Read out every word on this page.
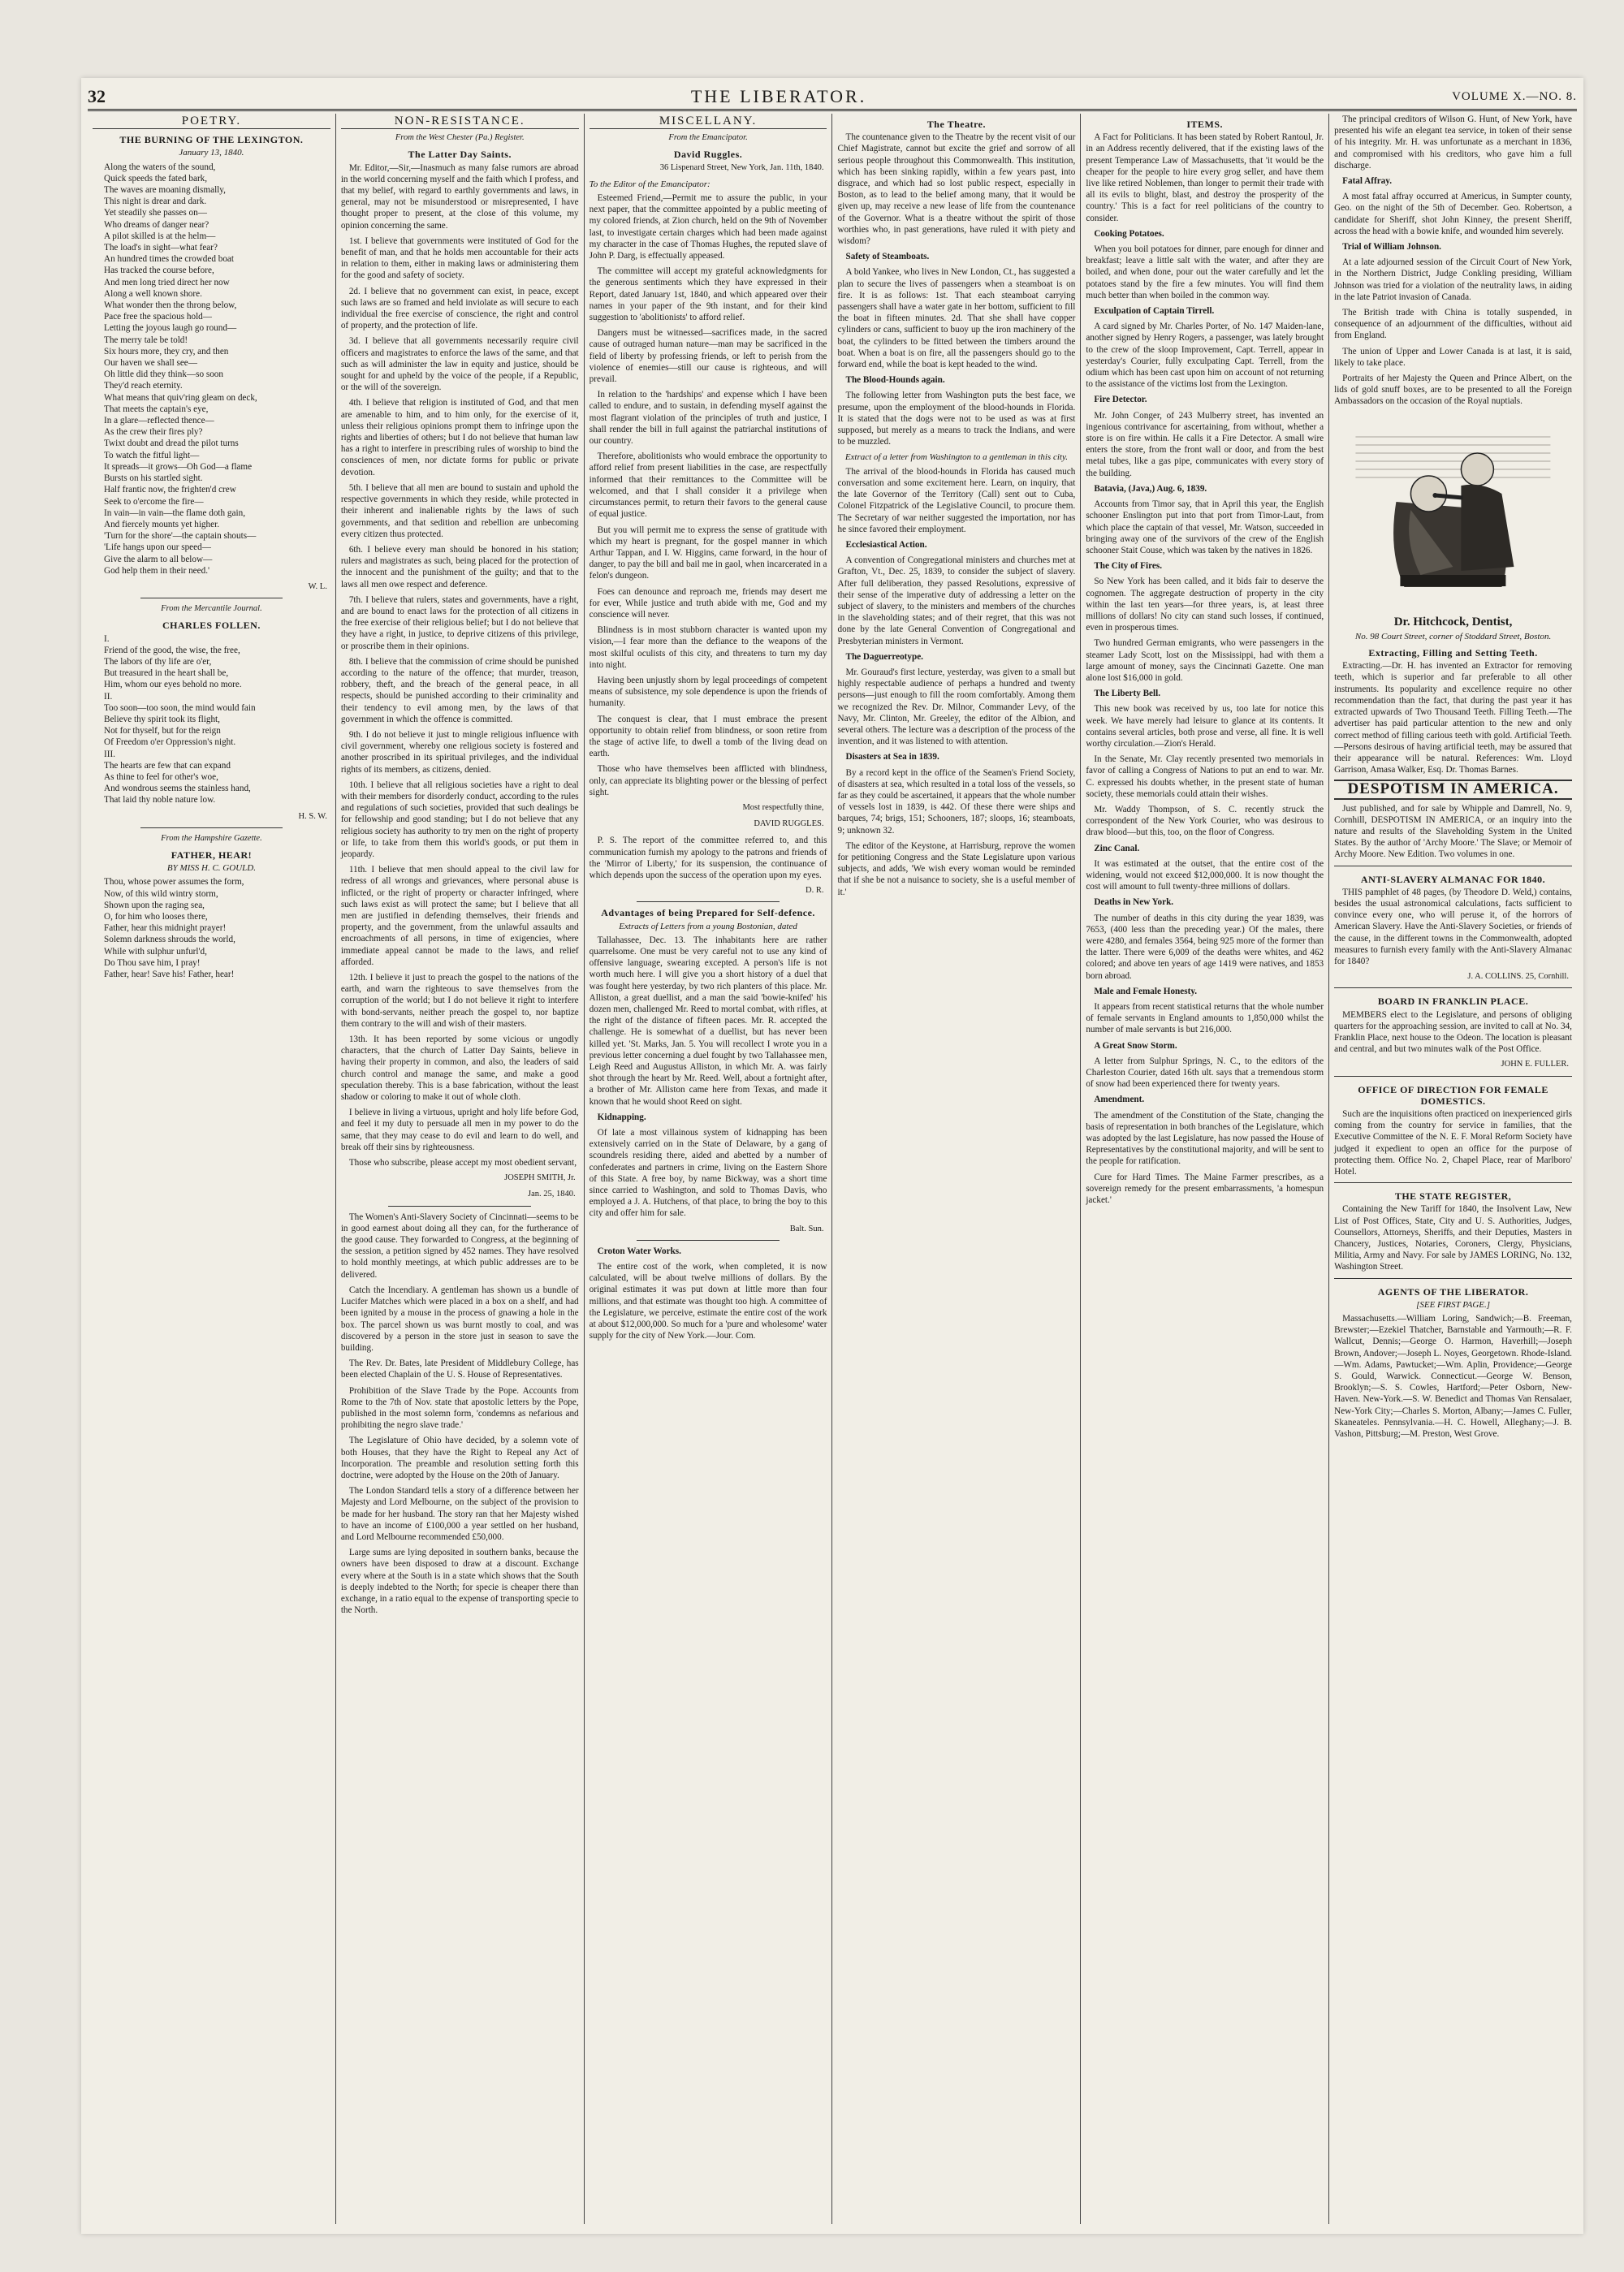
32	THE LIBERATOR.	VOLUME X.—NO. 8.
POETRY.
THE BURNING OF THE LEXINGTON.
January 13, 1840.
Along the waters of the sound,
Quick speeds the fated bark,
The waves are moaning dismally,
This night is drear and dark.
Yet steadily she passes on—
Who dreams of danger near?
A pilot skilled is at the helm—
The load's in sight—what fear?
An hundred times the crowded boat
Has tracked the course before,
And men long tried direct her now
Along a well known shore.
What wonder then the throng below,
Pace free the spacious hold—
Letting the joyous laugh go round—
The merry tale be told!
Six hours more, they cry, and then
Our haven we shall see—
Oh little did they think—so soon
They'd reach eternity.
What means that quiv'ring gleam on deck,
That meets the captain's eye,
In a glare—reflected thence—
As the crew their fires ply?
Twixt doubt and dread the pilot turns
To watch the fitful light—
It spreads—it grows—Oh God—a flame
Bursts on his startled sight.
Half frantic now, the frighten'd crew
Seek to o'ercome the fire—
In vain—in vain—the flame doth gain,
And fiercely mounts yet higher.
'Turn for the shore'—the captain shouts—
'Life hangs upon our speed—
Give the alarm to all below—
God help them in their need.'
W. L.
From the Mercantile Journal.
CHARLES FOLLEN.
I.
Friend of the good, the wise, the free,
The labors of thy life are o'er,
But treasured in the heart shall be,
Him, whom our eyes behold no more.
II.
Too soon—too soon, the mind would fain
Believe thy spirit took its flight,
Not for thyself, but for the reign
Of Freedom o'er Oppression's night.
III.
The hearts are few that can expand
As thine to feel for other's woe,
And wondrous seems the stainless hand,
That laid thy noble nature low.
H. S. W.
From the Hampshire Gazette.
FATHER, HEAR!
BY MISS H. C. GOULD.
Thou, whose power assumes the form,
Now, of this wild wintry storm,
Shown upon the raging sea,
O, for him who looses there,
Father, hear this midnight prayer!
Solemn darkness shrouds the world,
While with sulphur unfurl'd,
Do Thou save him, I pray!
Father, hear! Save his! Father, hear!
NON-RESISTANCE.
From the West Chester (Pa.) Register.
The Latter Day Saints.

Mr. Editor,—Sir,—Inasmuch as many false rumors are abroad in the world concerning myself and the faith which I profess, and that my belief, with regard to earthly governments and laws, in general, may not be misunderstood or misrepresented, I have thought proper to present, at the close of this volume, my opinion concerning the same.

1st. I believe that governments were instituted of God for the benefit of man, and that he holds men accountable for their acts in relation to them, either in making laws or administering them for the good and safety of society.

2d. I believe that no government can exist, in peace, except such laws are so framed and held inviolate as will secure to each individual the free exercise of conscience, the right and control of property, and the protection of life.

3d. I believe that all governments necessarily require civil officers and magistrates to enforce the laws of the same, and that such as will administer the law in equity and justice, should be sought for and upheld by the voice of the people, if a Republic, or the will of the sovereign.

4th. I believe that religion is instituted of God, and that men are amenable to him, and to him only, for the exercise of it, unless their religious opinions prompt them to infringe upon the rights and liberties of others; but I do not believe that human law has a right to interfere in prescribing rules of worship to bind the consciences of men, nor dictate forms for public or private devotion.

5th. I believe that all men are bound to sustain and uphold the respective governments in which they reside, while protected in their inherent and inalienable rights by the laws of such governments, and that sedition and rebellion are unbecoming every citizen thus protected.

6th. I believe every man should be honored in his station; rulers and magistrates as such, being placed for the protection of the innocent and the punishment of the guilty; and that to the laws all men owe respect and deference.

7th. I believe that rulers, states and governments, have a right, and are bound to enact laws for the protection of all citizens in the free exercise of their religious belief; but I do not believe that they have a right, in justice, to deprive citizens of this privilege, or proscribe them in their opinions.

8th. I believe that the commission of crime should be punished according to the nature of the offence; that murder, treason, robbery, theft, and the breach of the general peace, in all respects, should be punished according to their criminality and their tendency to evil among men, by the laws of that government in which the offence is committed.

9th. I do not believe it just to mingle religious influence with civil government, whereby one religious society is fostered and another proscribed in its spiritual privileges, and the individual rights of its members, as citizens, denied.

10th. I believe that all religious societies have a right to deal with their members for disorderly conduct, according to the rules and regulations of such societies, provided that such dealings be for fellowship and good standing; but I do not believe that any religious society has authority to try men on the right of property or life, to take from them this world's goods, or put them in jeopardy.

11th. I believe that men should appeal to the civil law for redress of all wrongs and grievances, where personal abuse is inflicted, or the right of property or character infringed, where such laws exist as will protect the same; but I believe that all men are justified in defending themselves, their friends and property, and the government, from the unlawful assaults and encroachments of all persons, in time of exigencies, where immediate appeal cannot be made to the laws, and relief afforded.

12th. I believe it just to preach the gospel to the nations of the earth, and warn the righteous to save themselves from the corruption of the world; but I do not believe it right to interfere with bond-servants, neither preach the gospel to, nor baptize them contrary to the will and wish of their masters.

13th. It has been reported by some vicious or ungodly characters, that the church of Latter Day Saints, believe in having their property in common, and also, the leaders of said church control and manage the same, and make a good speculation thereby. This is a base fabrication, without the least shadow or coloring to make it out of whole cloth.

I believe in living a virtuous, upright and holy life before God, and feel it my duty to persuade all men in my power to do the same, that they may cease to do evil and learn to do well, and break off their sins by righteousness.

Those who subscribe, please accept my most obedient servant,

JOSEPH SMITH, Jr.
Jan. 25, 1840.

The Women's Anti-Slavery Society of Cincinnati—seems to be in good earnest about doing all they can, for the furtherance of the good cause. They forwarded to Congress, at the beginning of the session, a petition signed by 452 names. They have resolved to hold monthly meetings, at which public addresses are to be delivered.

Catch the Incendiary. A gentleman has shown us a bundle of Lucifer Matches which were placed in a box on a shelf, and had been ignited by a mouse in the process of gnawing a hole in the box. The parcel shown us was burnt mostly to coal, and was discovered by a person in the store just in season to save the building.

The Rev. Dr. Bates, late President of Middlebury College, has been elected Chaplain of the U. S. House of Representatives.

Prohibition of the Slave Trade by the Pope. Accounts from Rome to the 7th of Nov. state that apostolic letters by the Pope, published in the most solemn form, 'condemns as nefarious and prohibiting the negro slave trade.'

The Legislature of Ohio have decided, by a solemn vote of both Houses, that they have the Right to Repeal any Act of Incorporation. The preamble and resolution setting forth this doctrine, were adopted by the House on the 20th of January.

The London Standard tells a story of a difference between her Majesty and Lord Melbourne, on the subject of the provision to be made for her husband. The story ran that her Majesty wished to have an income of £100,000 a year settled on her husband, and Lord Melbourne recommended £50,000.

Large sums are lying deposited in southern banks, because the owners have been disposed to draw at a discount. Exchange every where at the South is in a state which shows that the South is deeply indebted to the North; for specie is cheaper there than exchange, in a ratio equal to the expense of transporting specie to the North.

MISCELLANY.
From the Emancipator.
David Ruggles.
36 Lispenard Street, New York, Jan. 11th, 1840.
To the Editor of the Emancipator:

Esteemed Friend,—Permit me to assure the public, in your next paper, that the committee appointed by a public meeting of my colored friends, at Zion church, held on the 9th of November last, to investigate certain charges which had been made against my character in the case of Thomas Hughes, the reputed slave of John P. Darg, is effectually appeased.

The committee will accept my grateful acknowledgments for the generous sentiments which they have expressed in their Report, dated January 1st, 1840, and which appeared over their names in your paper of the 9th instant, and for their kind suggestion to 'abolitionists' to afford relief.

Dangers must be witnessed—sacrifices made, in the sacred cause of outraged human nature—man may be sacrificed in the field of liberty by professing friends, or left to perish from the violence of enemies—still our cause is righteous, and will prevail.

In relation to the 'hardships' and expense which I have been called to endure, and to sustain, in defending myself against the most flagrant violation of the principles of truth and justice, I shall render the bill in full against the patriarchal institutions of our country.

Therefore, abolitionists who would embrace the opportunity to afford relief from present liabilities in the case, are respectfully informed that their remittances to the Committee will be welcomed, and that I shall consider it a privilege when circumstances permit, to return their favors to the general cause of equal justice.

But you will permit me to express the sense of gratitude with which my heart is pregnant, for the gospel manner in which Arthur Tappan, and I. W. Higgins, came forward, in the hour of danger, to pay the bill and bail me in gaol, when incarcerated in a felon's dungeon.

Foes can denounce and reproach me, friends may desert me for ever, While justice and truth abide with me, God and my conscience will never.

Blindness is in most stubborn character is wanted upon my vision,—I fear more than the defiance to the weapons of the most skilful oculists of this city, and threatens to turn my day into night.

Having been unjustly shorn by legal proceedings of competent means of subsistence, my sole dependence is upon the friends of humanity.

The conquest is clear, that I must embrace the present opportunity to obtain relief from blindness, or soon retire from the stage of active life, to dwell a tomb of the living dead on earth.

Those who have themselves been afflicted with blindness, only, can appreciate its blighting power or the blessing of perfect sight.

Most respectfully thine,
DAVID RUGGLES.

P. S. The report of the committee referred to, and this communication furnish my apology to the patrons and friends of the 'Mirror of Liberty,' for its suspension, the continuance of which depends upon the success of the operation upon my eyes.

D. R.
Advantages of being Prepared for Self-defence.
Extracts of Letters from a young Bostonian, dated

Tallahassee, Dec. 13. The inhabitants here are rather quarrelsome. One must be very careful not to use any kind of offensive language, swearing excepted. A person's life is not worth much here. I will give you a short history of a duel that was fought here yesterday, by two rich planters of this place. Mr. Alliston, a great duellist, and a man the said 'bowie-knifed' his dozen men, challenged Mr. Reed to mortal combat, with rifles, at the right of the distance of fifteen paces. Mr. R. accepted the challenge. He is somewhat of a duellist, but has never been killed yet. 'St. Marks, Jan. 5. You will recollect I wrote you in a previous letter concerning a duel fought by two Tallahassee men, Leigh Reed and Augustus Alliston, in which Mr. A. was fairly shot through the heart by Mr. Reed. Well, about a fortnight after, a brother of Mr. Alliston came here from Texas, and made it known that he would shoot Reed on sight.

Kidnapping.

Of late a most villainous system of kidnapping has been extensively carried on in the State of Delaware, by a gang of scoundrels residing there, aided and abetted by a number of confederates and partners in crime, living on the Eastern Shore of this State. A free boy, by name Bickway, was a short time since carried to Washington, and sold to Thomas Davis, who employed a J. A. Hutchens, of that place, to bring the boy to this city and offer him for sale.

Balt. Sun.

Croton Water Works.

The entire cost of the work, when completed, it is now calculated, will be about twelve millions of dollars. By the original estimates it was put down at little more than four millions, and that estimate was thought too high. A committee of the Legislature, we perceive, estimate the entire cost of the work at about $12,000,000. So much for a 'pure and wholesome' water supply for the city of New York.—Jour. Com.

The Theatre.

The countenance given to the Theatre by the recent visit of our Chief Magistrate, cannot but excite the grief and sorrow of all serious people throughout this Commonwealth. This institution, which has been sinking rapidly, within a few years past, into disgrace, and which had so lost public respect, especially in Boston, as to lead to the belief among many, that it would be given up, may receive a new lease of life from the countenance of the Governor. What is a theatre without the spirit of those worthies who, in past generations, have ruled it with piety and wisdom?

Safety of Steamboats.

A bold Yankee, who lives in New London, Ct., has suggested a plan to secure the lives of passengers when a steamboat is on fire. It is as follows: 1st. That each steamboat carrying passengers shall have a water gate in her bottom, sufficient to fill the boat in fifteen minutes. 2d. That she shall have copper cylinders or cans, sufficient to buoy up the iron machinery of the boat, the cylinders to be fitted between the timbers around the boat. When a boat is on fire, all the passengers should go to the forward end, while the boat is kept headed to the wind.

The Blood-Hounds again.

The following letter from Washington puts the best face, we presume, upon the employment of the blood-hounds in Florida. It is stated that the dogs were not to be used as was at first supposed, but merely as a means to track the Indians, and were to be muzzled.

Extract of a letter from Washington to a gentleman in this city.

The arrival of the blood-hounds in Florida has caused much conversation and some excitement here. Learn, on inquiry, that the late Governor of the Territory (Call) sent out to Cuba, Colonel Fitzpatrick of the Legislative Council, to procure them. The Secretary of war neither suggested the importation, nor has he since favored their employment.

Ecclesiastical Action.

A convention of Congregational ministers and churches met at Grafton, Vt., Dec. 25, 1839, to consider the subject of slavery. After full deliberation, they passed Resolutions, expressive of their sense of the imperative duty of addressing a letter on the subject of slavery, to the ministers and members of the churches in the slaveholding states; and of their regret, that this was not done by the late General Convention of Congregational and Presbyterian ministers in Vermont.

The Daguerreotype.

Mr. Gouraud's first lecture, yesterday, was given to a small but highly respectable audience of perhaps a hundred and twenty persons—just enough to fill the room comfortably. Among them we recognized the Rev. Dr. Milnor, Commander Levy, of the Navy, Mr. Clinton, Mr. Greeley, the editor of the Albion, and several others. The lecture was a description of the process of the invention, and it was listened to with attention.

Disasters at Sea in 1839.

By a record kept in the office of the Seamen's Friend Society, of disasters at sea, which resulted in a total loss of the vessels, so far as they could be ascertained, it appears that the whole number of vessels lost in 1839, is 442. Of these there were ships and barques, 74; brigs, 151; Schooners, 187; sloops, 16; steamboats, 9; unknown 32.

The editor of the Keystone, at Harrisburg, reprove the women for petitioning Congress and the State Legislature upon various subjects, and adds, 'We wish every woman would be reminded that if she be not a nuisance to society, she is a useful member of it.'

ITEMS.

A Fact for Politicians. It has been stated by Robert Rantoul, Jr. in an Address recently delivered, that if the existing laws of the present Temperance Law of Massachusetts, that 'it would be the cheaper for the people to hire every grog seller, and have them live like retired Noblemen, than longer to permit their trade with all its evils to blight, blast, and destroy the prosperity of the country.' This is a fact for reel politicians of the country to consider.

Cooking Potatoes.

When you boil potatoes for dinner, pare enough for dinner and breakfast; leave a little salt with the water, and after they are boiled, and when done, pour out the water carefully and let the potatoes stand by the fire a few minutes. You will find them much better than when boiled in the common way.

Exculpation of Captain Tirrell.

A card signed by Mr. Charles Porter, of No. 147 Maiden-lane, another signed by Henry Rogers, a passenger, was lately brought to the crew of the sloop Improvement, Capt. Terrell, appear in yesterday's Courier, fully exculpating Capt. Terrell, from the odium which has been cast upon him on account of not returning to the assistance of the victims lost from the Lexington.

Fire Detector.

Mr. John Conger, of 243 Mulberry street, has invented an ingenious contrivance for ascertaining, from without, whether a store is on fire within. He calls it a Fire Detector. A small wire enters the store, from the front wall or door, and from the best metal tubes, like a gas pipe, communicates with every story of the building.

Batavia, (Java,) Aug. 6, 1839.

Accounts from Timor say, that in April this year, the English schooner Enslington put into that port from Timor-Laut, from which place the captain of that vessel, Mr. Watson, succeeded in bringing away one of the survivors of the crew of the English schooner Stait Couse, which was taken by the natives in 1826.

The City of Fires.

So New York has been called, and it bids fair to deserve the cognomen. The aggregate destruction of property in the city within the last ten years—for three years, is, at least three millions of dollars! No city can stand such losses, if continued, even in prosperous times.

Two hundred German emigrants, who were passengers in the steamer Lady Scott, lost on the Mississippi, had with them a large amount of money, says the Cincinnati Gazette. One man alone lost $16,000 in gold.

The Liberty Bell.

This new book was received by us, too late for notice this week. We have merely had leisure to glance at its contents. It contains several articles, both prose and verse, all fine. It is well worthy circulation.—Zion's Herald.

In the Senate, Mr. Clay recently presented two memorials in favor of calling a Congress of Nations to put an end to war. Mr. C. expressed his doubts whether, in the present state of human society, these memorials could attain their wishes.

Mr. Waddy Thompson, of S. C. recently struck the correspondent of the New York Courier, who was desirous to draw blood—but this, too, on the floor of Congress.

Zinc Canal.

It was estimated at the outset, that the entire cost of the widening, would not exceed $12,000,000. It is now thought the cost will amount to full twenty-three millions of dollars.

Deaths in New York.

The number of deaths in this city during the year 1839, was 7653, (400 less than the preceding year.) Of the males, there were 4280, and females 3564, being 925 more of the former than the latter. There were 6,009 of the deaths were whites, and 462 colored; and above ten years of age 1419 were natives, and 1853 born abroad.

Male and Female Honesty.

It appears from recent statistical returns that the whole number of female servants in England amounts to 1,850,000 whilst the number of male servants is but 216,000.

A Great Snow Storm.

A letter from Sulphur Springs, N. C., to the editors of the Charleston Courier, dated 16th ult. says that a tremendous storm of snow had been experienced there for twenty years.

Amendment.

The amendment of the Constitution of the State, changing the basis of representation in both branches of the Legislature, which was adopted by the last Legislature, has now passed the House of Representatives by the constitutional majority, and will be sent to the people for ratification.

Cure for Hard Times. The Maine Farmer prescribes, as a sovereign remedy for the present embarrassments, 'a homespun jacket.'

The principal creditors of Wilson G. Hunt, of New York, have presented his wife an elegant tea service, in token of their sense of his integrity. Mr. H. was unfortunate as a merchant in 1836, and compromised with his creditors, who gave him a full discharge.

Fatal Affray.

A most fatal affray occurred at Americus, in Sumpter county, Geo. on the night of the 5th of December. Geo. Robertson, a candidate for Sheriff, shot John Kinney, the present Sheriff, across the head with a bowie knife, and wounded him severely.

Trial of William Johnson.

At a late adjourned session of the Circuit Court of New York, in the Northern District, Judge Conkling presiding, William Johnson was tried for a violation of the neutrality laws, in aiding in the late Patriot invasion of Canada.

The British trade with China is totally suspended, in consequence of an adjournment of the difficulties, without aid from England.

The union of Upper and Lower Canada is at last, it is said, likely to take place.

Portraits of her Majesty the Queen and Prince Albert, on the lids of gold snuff boxes, are to be presented to all the Foreign Ambassadors on the occasion of the Royal nuptials.

Dr. Hitchcock, Dentist,
No. 98 Court Street, corner of Stoddard Street, Boston.
Extracting, Filling and Setting Teeth.

Extracting.—Dr. H. has invented an Extractor for removing teeth, which is superior and far preferable to all other instruments. Its popularity and excellence require no other recommendation than the fact, that during the past year it has extracted upwards of Two Thousand Teeth. Filling Teeth.—The advertiser has paid particular attention to the new and only correct method of filling carious teeth with gold. Artificial Teeth.—Persons desirous of having artificial teeth, may be assured that their appearance will be natural. References: Wm. Lloyd Garrison, Amasa Walker, Esq. Dr. Thomas Barnes.

DESPOTISM IN AMERICA.

Just published, and for sale by Whipple and Damrell, No. 9, Cornhill, DESPOTISM IN AMERICA, or an inquiry into the nature and results of the Slaveholding System in the United States. By the author of 'Archy Moore.' The Slave; or Memoir of Archy Moore. New Edition. Two volumes in one.

ANTI-SLAVERY ALMANAC FOR 1840.

THIS pamphlet of 48 pages, (by Theodore D. Weld,) contains, besides the usual astronomical calculations, facts sufficient to convince every one, who will peruse it, of the horrors of American Slavery. Have the Anti-Slavery Societies, or friends of the cause, in the different towns in the Commonwealth, adopted measures to furnish every family with the Anti-Slavery Almanac for 1840?

J. A. COLLINS. 25, Cornhill.
BOARD IN FRANKLIN PLACE.

MEMBERS elect to the Legislature, and persons of obliging quarters for the approaching session, are invited to call at No. 34, Franklin Place, next house to the Odeon. The location is pleasant and central, and but two minutes walk of the Post Office.

JOHN E. FULLER.
OFFICE OF DIRECTION FOR FEMALE DOMESTICS.

Such are the inquisitions often practiced on inexperienced girls coming from the country for service in families, that the Executive Committee of the N. E. F. Moral Reform Society have judged it expedient to open an office for the purpose of protecting them. Office No. 2, Chapel Place, rear of Marlboro' Hotel.

THE STATE REGISTER,

Containing the New Tariff for 1840, the Insolvent Law, New List of Post Offices, State, City and U. S. Authorities, Judges, Counsellors, Attorneys, Sheriffs, and their Deputies, Masters in Chancery, Justices, Notaries, Coroners, Clergy, Physicians, Militia, Army and Navy. For sale by JAMES LORING, No. 132, Washington Street.

AGENTS OF THE LIBERATOR.
[SEE FIRST PAGE.]

Massachusetts.—William Loring, Sandwich;—B. Freeman, Brewster;—Ezekiel Thatcher, Barnstable and Yarmouth;—R. F. Wallcut, Dennis;—George O. Harmon, Haverhill;—Joseph Brown, Andover;—Joseph L. Noyes, Georgetown. Rhode-Island.—Wm. Adams, Pawtucket;—Wm. Aplin, Providence;—George S. Gould, Warwick. Connecticut.—George W. Benson, Brooklyn;—S. S. Cowles, Hartford;—Peter Osborn, New-Haven. New-York.—S. W. Benedict and Thomas Van Rensalaer, New-York City;—Charles S. Morton, Albany;—James C. Fuller, Skaneateles. Pennsylvania.—H. C. Howell, Alleghany;—J. B. Vashon, Pittsburg;—M. Preston, West Grove.
